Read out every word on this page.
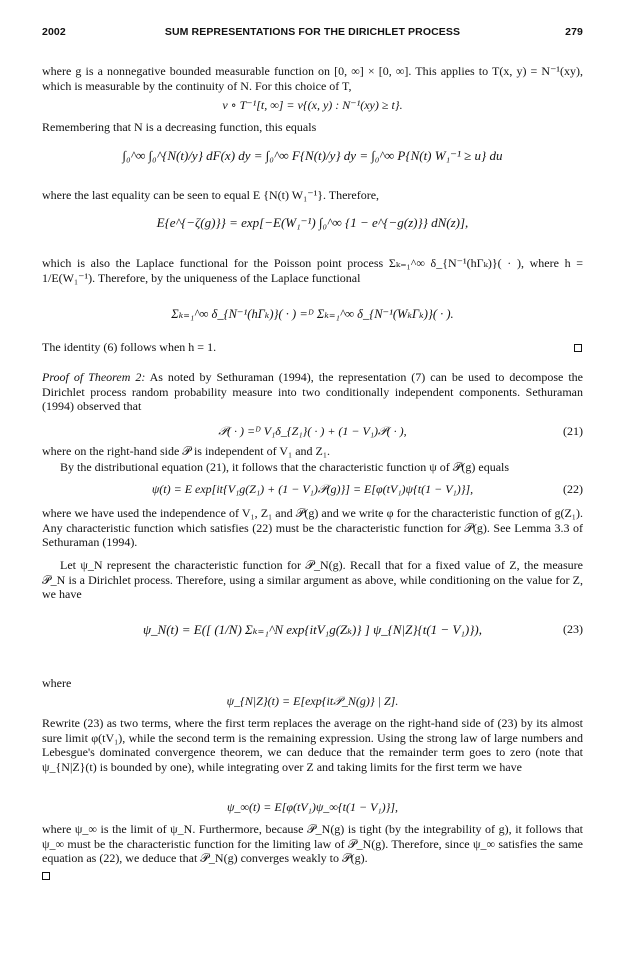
2002	SUM REPRESENTATIONS FOR THE DIRICHLET PROCESS	279
where g is a nonnegative bounded measurable function on [0, ∞] × [0, ∞]. This applies to T(x, y) = N⁻¹(xy), which is measurable by the continuity of N. For this choice of T,
ν ∘ T⁻¹[t, ∞] = ν{(x, y) : N⁻¹(xy) ≥ t}.
Remembering that N is a decreasing function, this equals
∫₀^∞ ∫₀^{N(t)/y} dF(x) dy = ∫₀^∞ F{N(t)/y} dy = ∫₀^∞ P{N(t) W₁⁻¹ ≥ u} du
where the last equality can be seen to equal E {N(t) W₁⁻¹}. Therefore,
E{e^{−ζ(g)}} = exp[−E(W₁⁻¹) ∫₀^∞ {1 − e^{−g(z)}} dN(z)],
which is also the Laplace functional for the Poisson point process Σₖ₌₁^∞ δ_{N⁻¹(hΓₖ)}( · ), where h = 1/E(W₁⁻¹). Therefore, by the uniqueness of the Laplace functional
Σₖ₌₁^∞ δ_{N⁻¹(hΓₖ)}( · ) =ᴰ Σₖ₌₁^∞ δ_{N⁻¹(WₖΓₖ)}( · ).
The identity (6) follows when h = 1.
Proof of Theorem 2: As noted by Sethuraman (1994), the representation (7) can be used to decompose the Dirichlet process random probability measure into two conditionally independent components. Sethuraman (1994) observed that
𝒫( · ) =ᴰ V₁δ_{Z₁}( · ) + (1 − V₁)𝒫( · ),	(21)
where on the right-hand side 𝒫 is independent of V₁ and Z₁.
By the distributional equation (21), it follows that the characteristic function ψ of 𝒫(g) equals
ψ(t) = E exp[it{V₁g(Z₁) + (1 − V₁)𝒫(g)}] = E[φ(tV₁)ψ{t(1 − V₁)}],	(22)
where we have used the independence of V₁, Z₁ and 𝒫(g) and we write φ for the characteristic function of g(Z₁). Any characteristic function which satisfies (22) must be the characteristic function for 𝒫(g). See Lemma 3.3 of Sethuraman (1994).
Let ψ_N represent the characteristic function for 𝒫_N(g). Recall that for a fixed value of Z, the measure 𝒫_N is a Dirichlet process. Therefore, using a similar argument as above, while conditioning on the value for Z, we have
ψ_N(t) = E([ (1/N) Σₖ₌₁^N exp{itV₁g(Zₖ)} ] ψ_{N|Z}{t(1 − V₁)}),	(23)
where
ψ_{N|Z}(t) = E[exp{it𝒫_N(g)} | Z].
Rewrite (23) as two terms, where the first term replaces the average on the right-hand side of (23) by its almost sure limit φ(tV₁), while the second term is the remaining expression. Using the strong law of large numbers and Lebesgue's dominated convergence theorem, we can deduce that the remainder term goes to zero (note that ψ_{N|Z}(t) is bounded by one), while integrating over Z and taking limits for the first term we have
ψ_∞(t) = E[φ(tV₁)ψ_∞{t(1 − V₁)}],
where ψ_∞ is the limit of ψ_N. Furthermore, because 𝒫_N(g) is tight (by the integrability of g), it follows that ψ_∞ must be the characteristic function for the limiting law of 𝒫_N(g). Therefore, since ψ_∞ satisfies the same equation as (22), we deduce that 𝒫_N(g) converges weakly to 𝒫(g).
